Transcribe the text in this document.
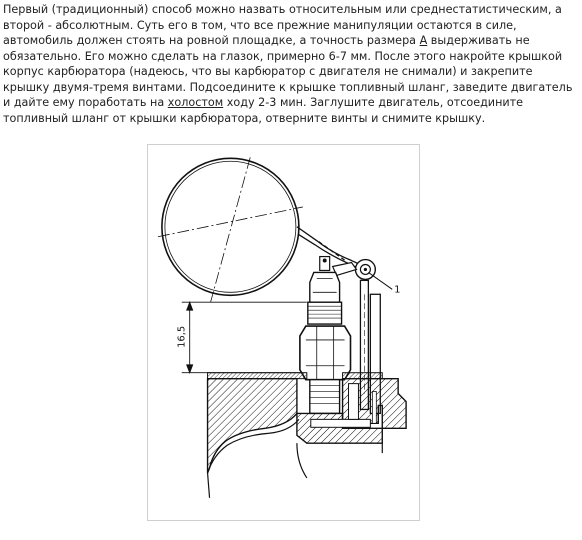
Первый (традиционный) способ можно назвать относительным или среднестатистическим, а второй - абсолютным. Суть его в том, что все прежние манипуляции остаются в силе, автомобиль должен стоять на ровной площадке, а точность размера А выдерживать не обязательно. Его можно сделать на глазок, примерно 6-7 мм. После этого накройте крышкой корпус карбюратора (надеюсь, что вы карбюратор с двигателя не снимали) и закрепите крышку двумя-тремя винтами. Подсоедините к крышке топливный шланг, заведите двигатель и дайте ему поработать на холостом ходу 2-3 мин. Заглушите двигатель, отсоедините топливный шланг от крышки карбюратора, отверните винты и снимите крышку.

1
16,5
